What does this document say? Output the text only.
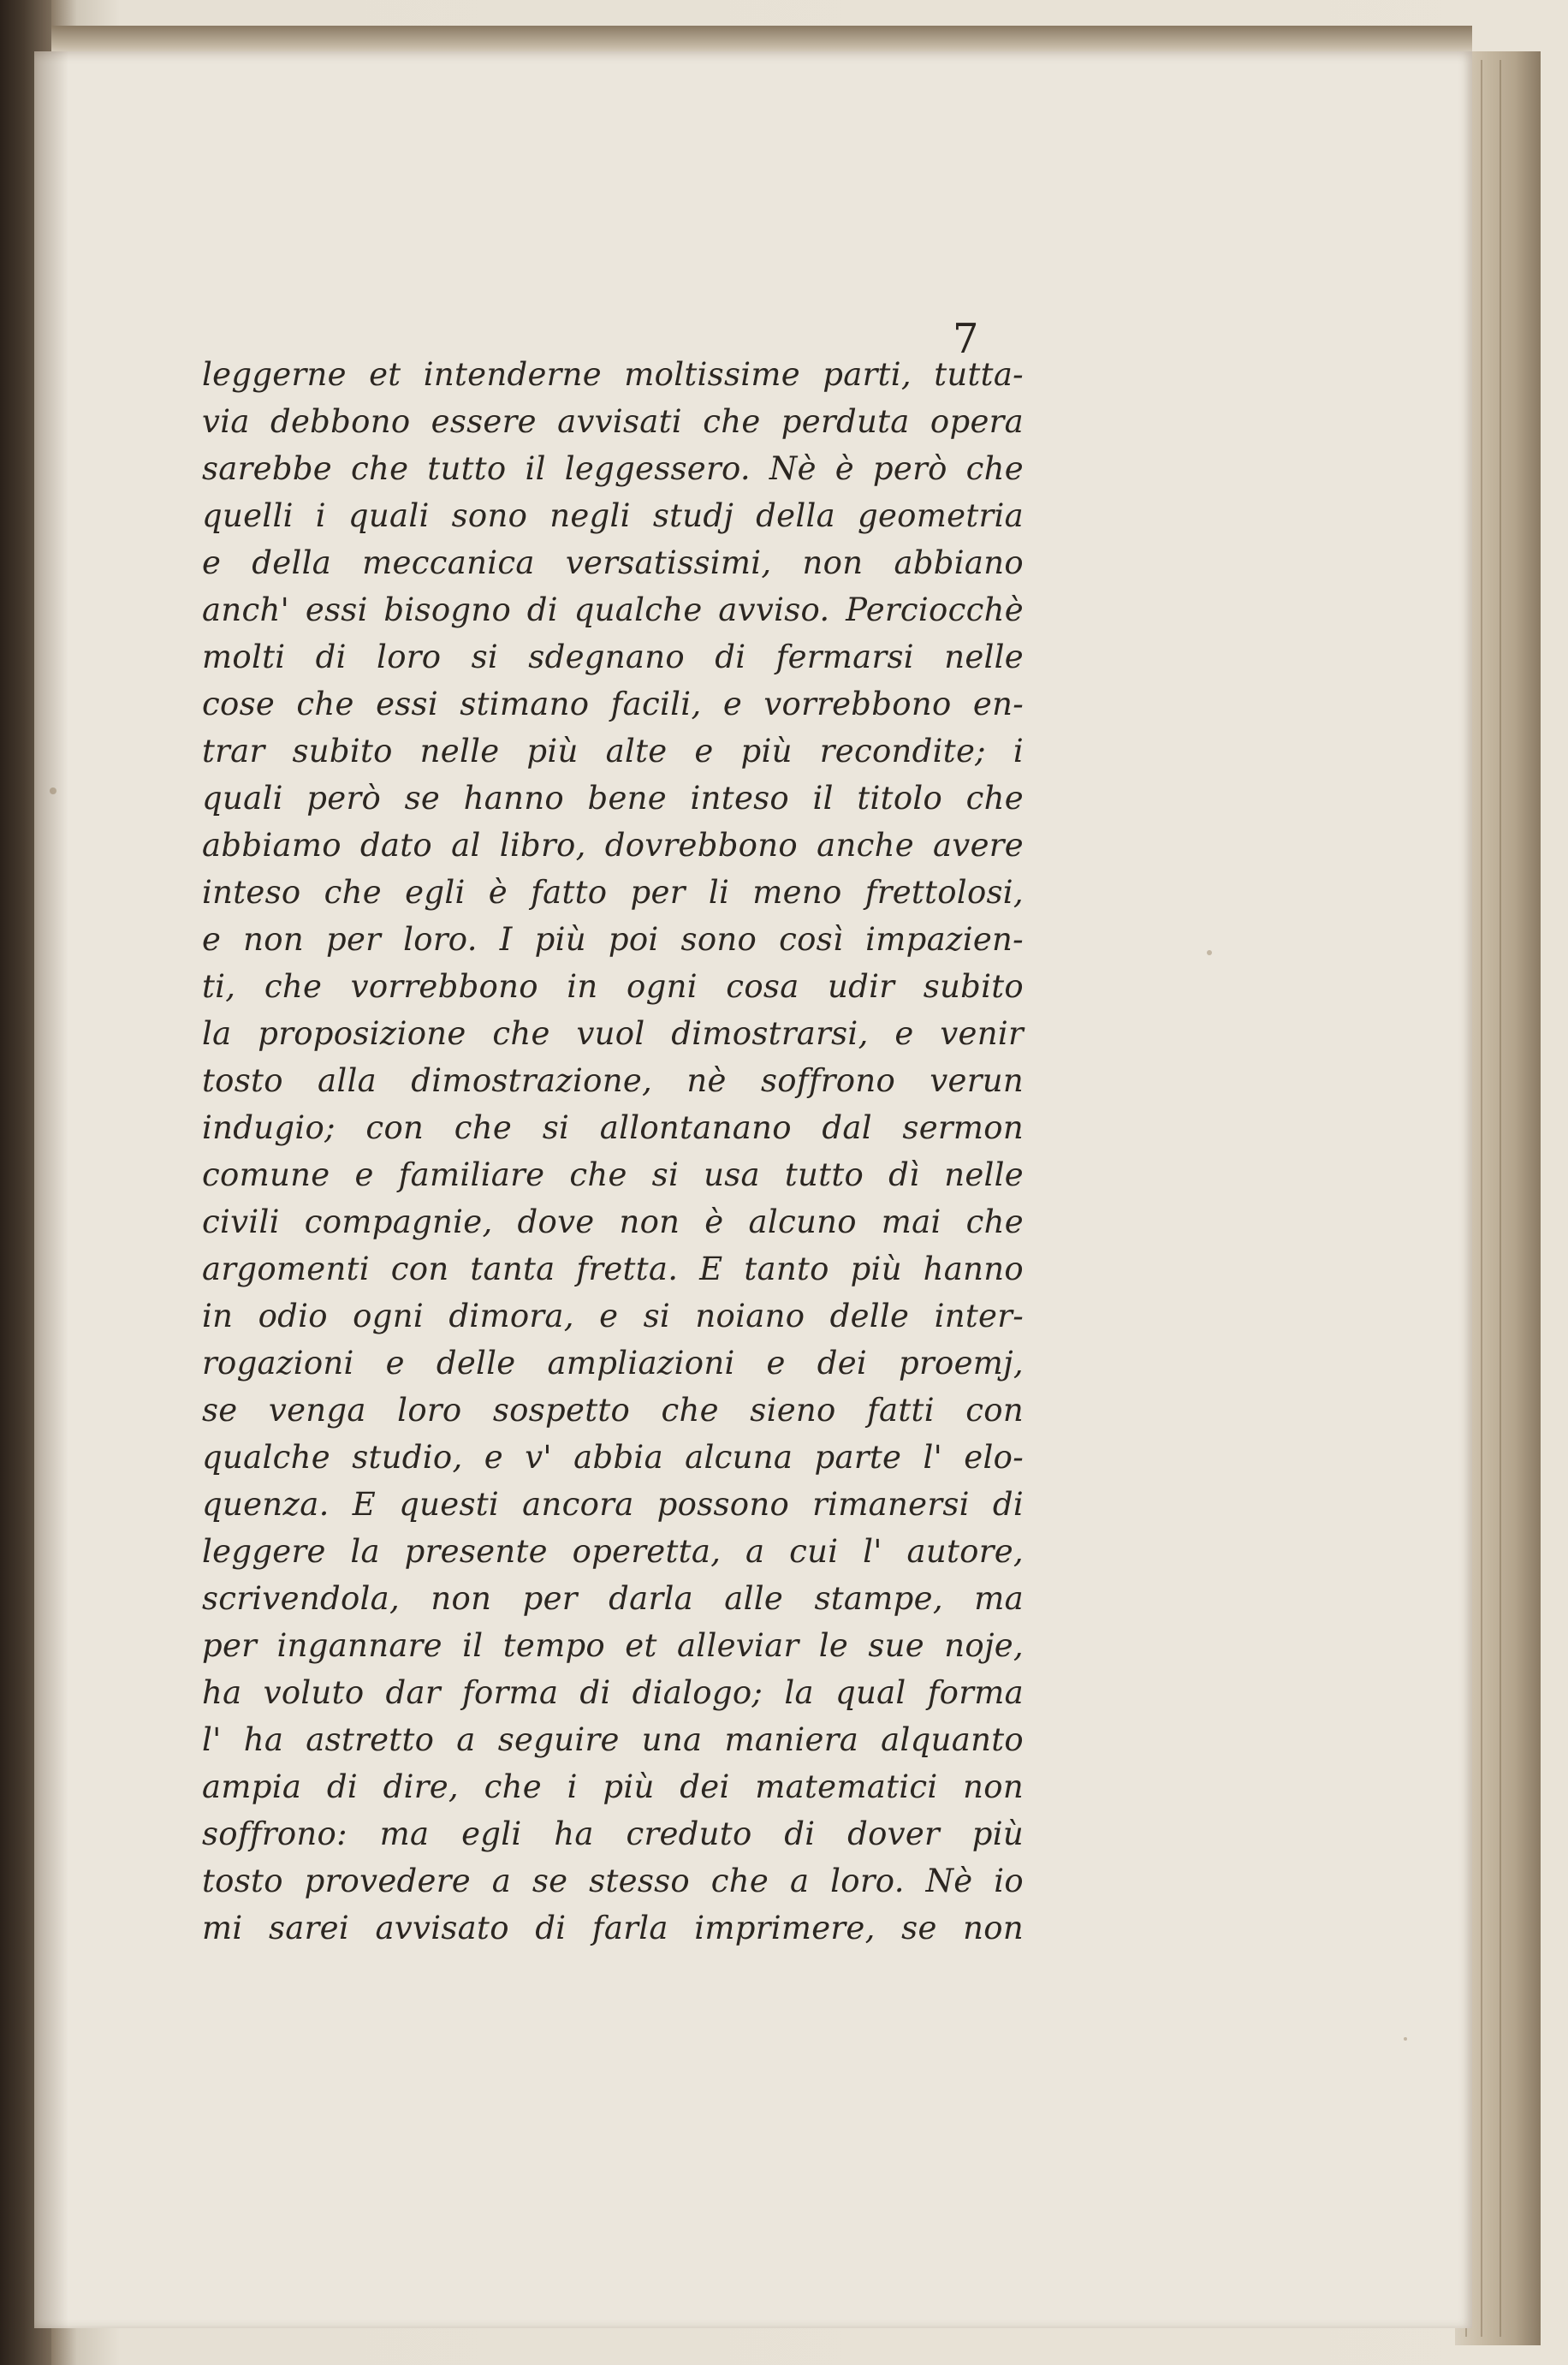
7
leggerne et intenderne moltissime parti, tutta-
via debbono essere avvisati che perduta opera
sarebbe che tutto il leggessero. Nè è però che
quelli i quali sono negli studj della geometria
e della meccanica versatissimi, non abbiano
anch' essi bisogno di qualche avviso. Perciocchè
molti di loro si sdegnano di fermarsi nelle
cose che essi stimano facili, e vorrebbono en-
trar subito nelle più alte e più recondite; i
quali però se hanno bene inteso il titolo che
abbiamo dato al libro, dovrebbono anche avere
inteso che egli è fatto per li meno frettolosi,
e non per loro. I più poi sono così impazien-
ti, che vorrebbono in ogni cosa udir subito
la proposizione che vuol dimostrarsi, e venir
tosto alla dimostrazione, nè soffrono verun
indugio; con che si allontanano dal sermon
comune e familiare che si usa tutto dì nelle
civili compagnie, dove non è alcuno mai che
argomenti con tanta fretta. E tanto più hanno
in odio ogni dimora, e si noiano delle inter-
rogazioni e delle ampliazioni e dei proemj,
se venga loro sospetto che sieno fatti con
qualche studio, e v' abbia alcuna parte l' elo-
quenza. E questi ancora possono rimanersi di
leggere la presente operetta, a cui l' autore,
scrivendola, non per darla alle stampe, ma
per ingannare il tempo et alleviar le sue noje,
ha voluto dar forma di dialogo; la qual forma
l' ha astretto a seguire una maniera alquanto
ampia di dire, che i più dei matematici non
soffrono: ma egli ha creduto di dover più
tosto provedere a se stesso che a loro. Nè io
mi sarei avvisato di farla imprimere, se non
